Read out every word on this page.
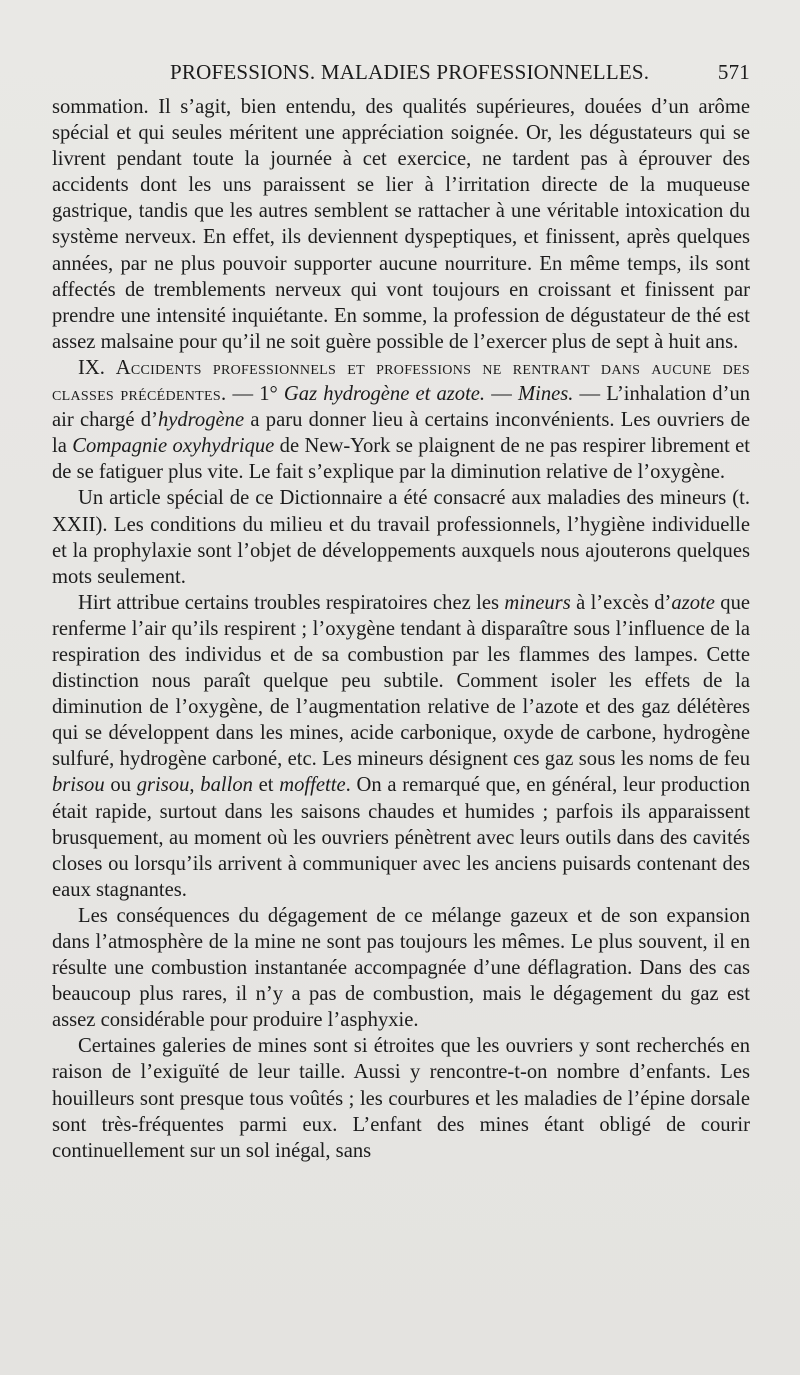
PROFESSIONS. MALADIES PROFESSIONNELLES.	571

sommation. Il s’agit, bien entendu, des qualités supérieures, douées d’un arôme spécial et qui seules méritent une appréciation soignée. Or, les dégustateurs qui se livrent pendant toute la journée à cet exercice, ne tardent pas à éprouver des accidents dont les uns paraissent se lier à l’irritation directe de la muqueuse gastrique, tandis que les autres semblent se rattacher à une véritable intoxication du système nerveux. En effet, ils deviennent dyspeptiques, et finissent, après quelques années, par ne plus pouvoir supporter aucune nourriture. En même temps, ils sont affectés de tremblements nerveux qui vont toujours en croissant et finissent par prendre une intensité inquiétante. En somme, la profession de dégustateur de thé est assez malsaine pour qu’il ne soit guère possible de l’exercer plus de sept à huit ans.

IX. Accidents professionnels et professions ne rentrant dans aucune des classes précédentes. — 1° Gaz hydrogène et azote. — Mines. — L’inhalation d’un air chargé d’hydrogène a paru donner lieu à certains inconvénients. Les ouvriers de la Compagnie oxyhydrique de New-York se plaignent de ne pas respirer librement et de se fatiguer plus vite. Le fait s’explique par la diminution relative de l’oxygène.

Un article spécial de ce Dictionnaire a été consacré aux maladies des mineurs (t. XXII). Les conditions du milieu et du travail professionnels, l’hygiène individuelle et la prophylaxie sont l’objet de développements auxquels nous ajouterons quelques mots seulement.

Hirt attribue certains troubles respiratoires chez les mineurs à l’excès d’azote que renferme l’air qu’ils respirent ; l’oxygène tendant à disparaître sous l’influence de la respiration des individus et de sa combustion par les flammes des lampes. Cette distinction nous paraît quelque peu subtile. Comment isoler les effets de la diminution de l’oxygène, de l’augmentation relative de l’azote et des gaz délétères qui se développent dans les mines, acide carbonique, oxyde de carbone, hydrogène sulfuré, hydrogène carboné, etc. Les mineurs désignent ces gaz sous les noms de feu brisou ou grisou, ballon et moffette. On a remarqué que, en général, leur production était rapide, surtout dans les saisons chaudes et humides ; parfois ils apparaissent brusquement, au moment où les ouvriers pénètrent avec leurs outils dans des cavités closes ou lorsqu’ils arrivent à communiquer avec les anciens puisards contenant des eaux stagnantes.

Les conséquences du dégagement de ce mélange gazeux et de son expansion dans l’atmosphère de la mine ne sont pas toujours les mêmes. Le plus souvent, il en résulte une combustion instantanée accompagnée d’une déflagration. Dans des cas beaucoup plus rares, il n’y a pas de combustion, mais le dégagement du gaz est assez considérable pour produire l’asphyxie.

Certaines galeries de mines sont si étroites que les ouvriers y sont recherchés en raison de l’exiguïté de leur taille. Aussi y rencontre-t-on nombre d’enfants. Les houilleurs sont presque tous voûtés ; les courbures et les maladies de l’épine dorsale sont très-fréquentes parmi eux. L’enfant des mines étant obligé de courir continuellement sur un sol inégal, sans
